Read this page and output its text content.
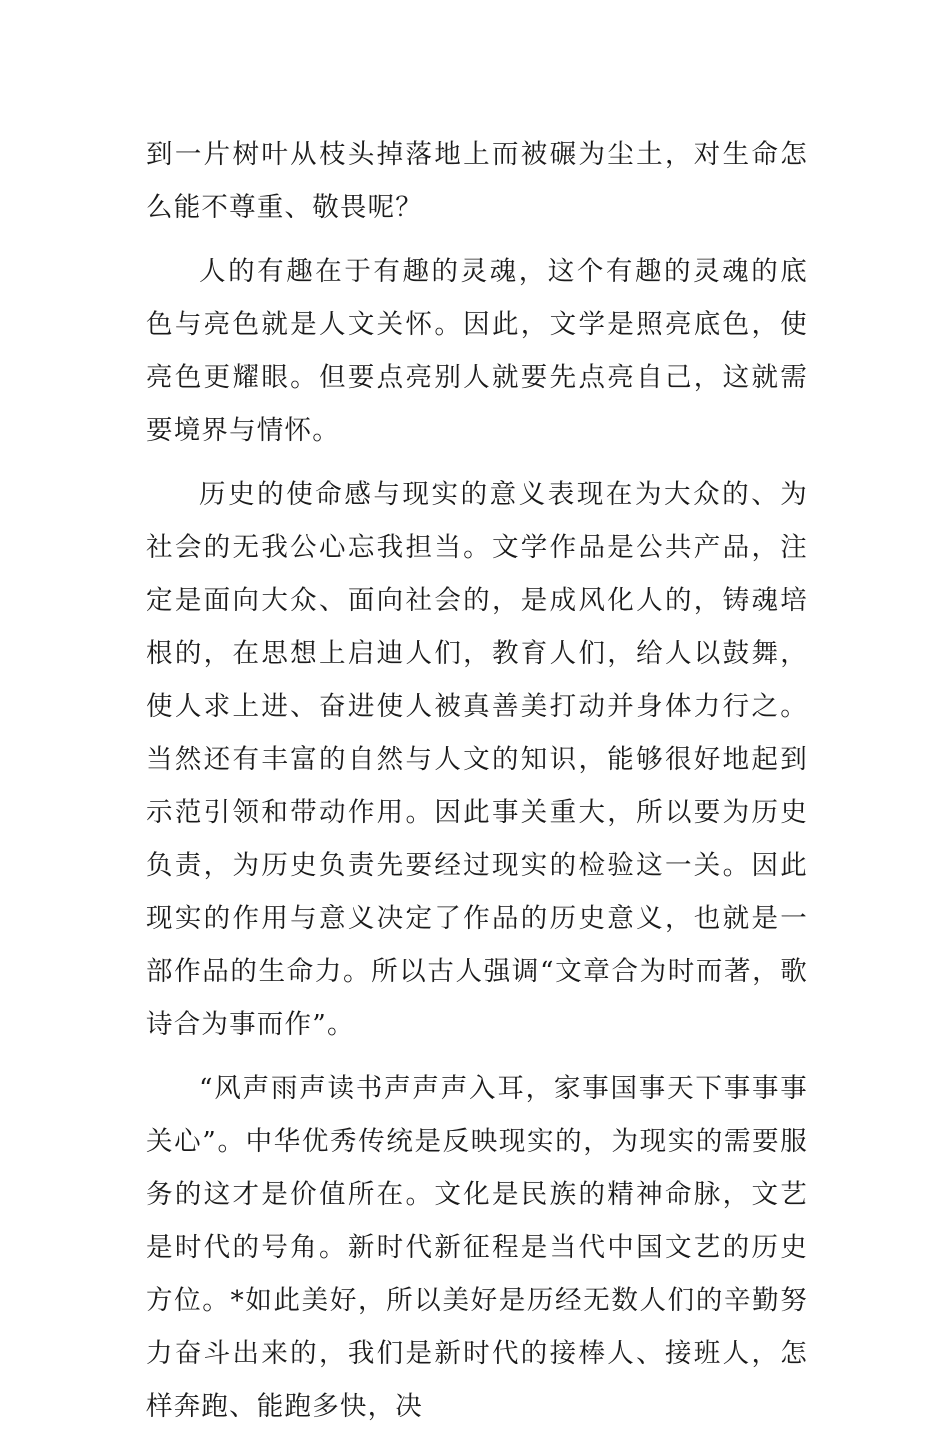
到一片树叶从枝头掉落地上而被碾为尘土，对生命怎么能不尊重、敬畏呢？

人的有趣在于有趣的灵魂，这个有趣的灵魂的底色与亮色就是人文关怀。因此，文学是照亮底色，使亮色更耀眼。但要点亮别人就要先点亮自己，这就需要境界与情怀。

历史的使命感与现实的意义表现在为大众的、为社会的无我公心忘我担当。文学作品是公共产品，注定是面向大众、面向社会的，是成风化人的，铸魂培根的，在思想上启迪人们，教育人们，给人以鼓舞，使人求上进、奋进使人被真善美打动并身体力行之。当然还有丰富的自然与人文的知识，能够很好地起到示范引领和带动作用。因此事关重大，所以要为历史负责，为历史负责先要经过现实的检验这一关。因此现实的作用与意义决定了作品的历史意义，也就是一部作品的生命力。所以古人强调“文章合为时而著，歌诗合为事而作”。

“风声雨声读书声声声入耳，家事国事天下事事事关心”。中华优秀传统是反映现实的，为现实的需要服务的这才是价值所在。文化是民族的精神命脉，文艺是时代的号角。新时代新征程是当代中国文艺的历史方位。*如此美好，所以美好是历经无数人们的辛勤努力奋斗出来的，我们是新时代的接棒人、接班人，怎样奔跑、能跑多快，决
